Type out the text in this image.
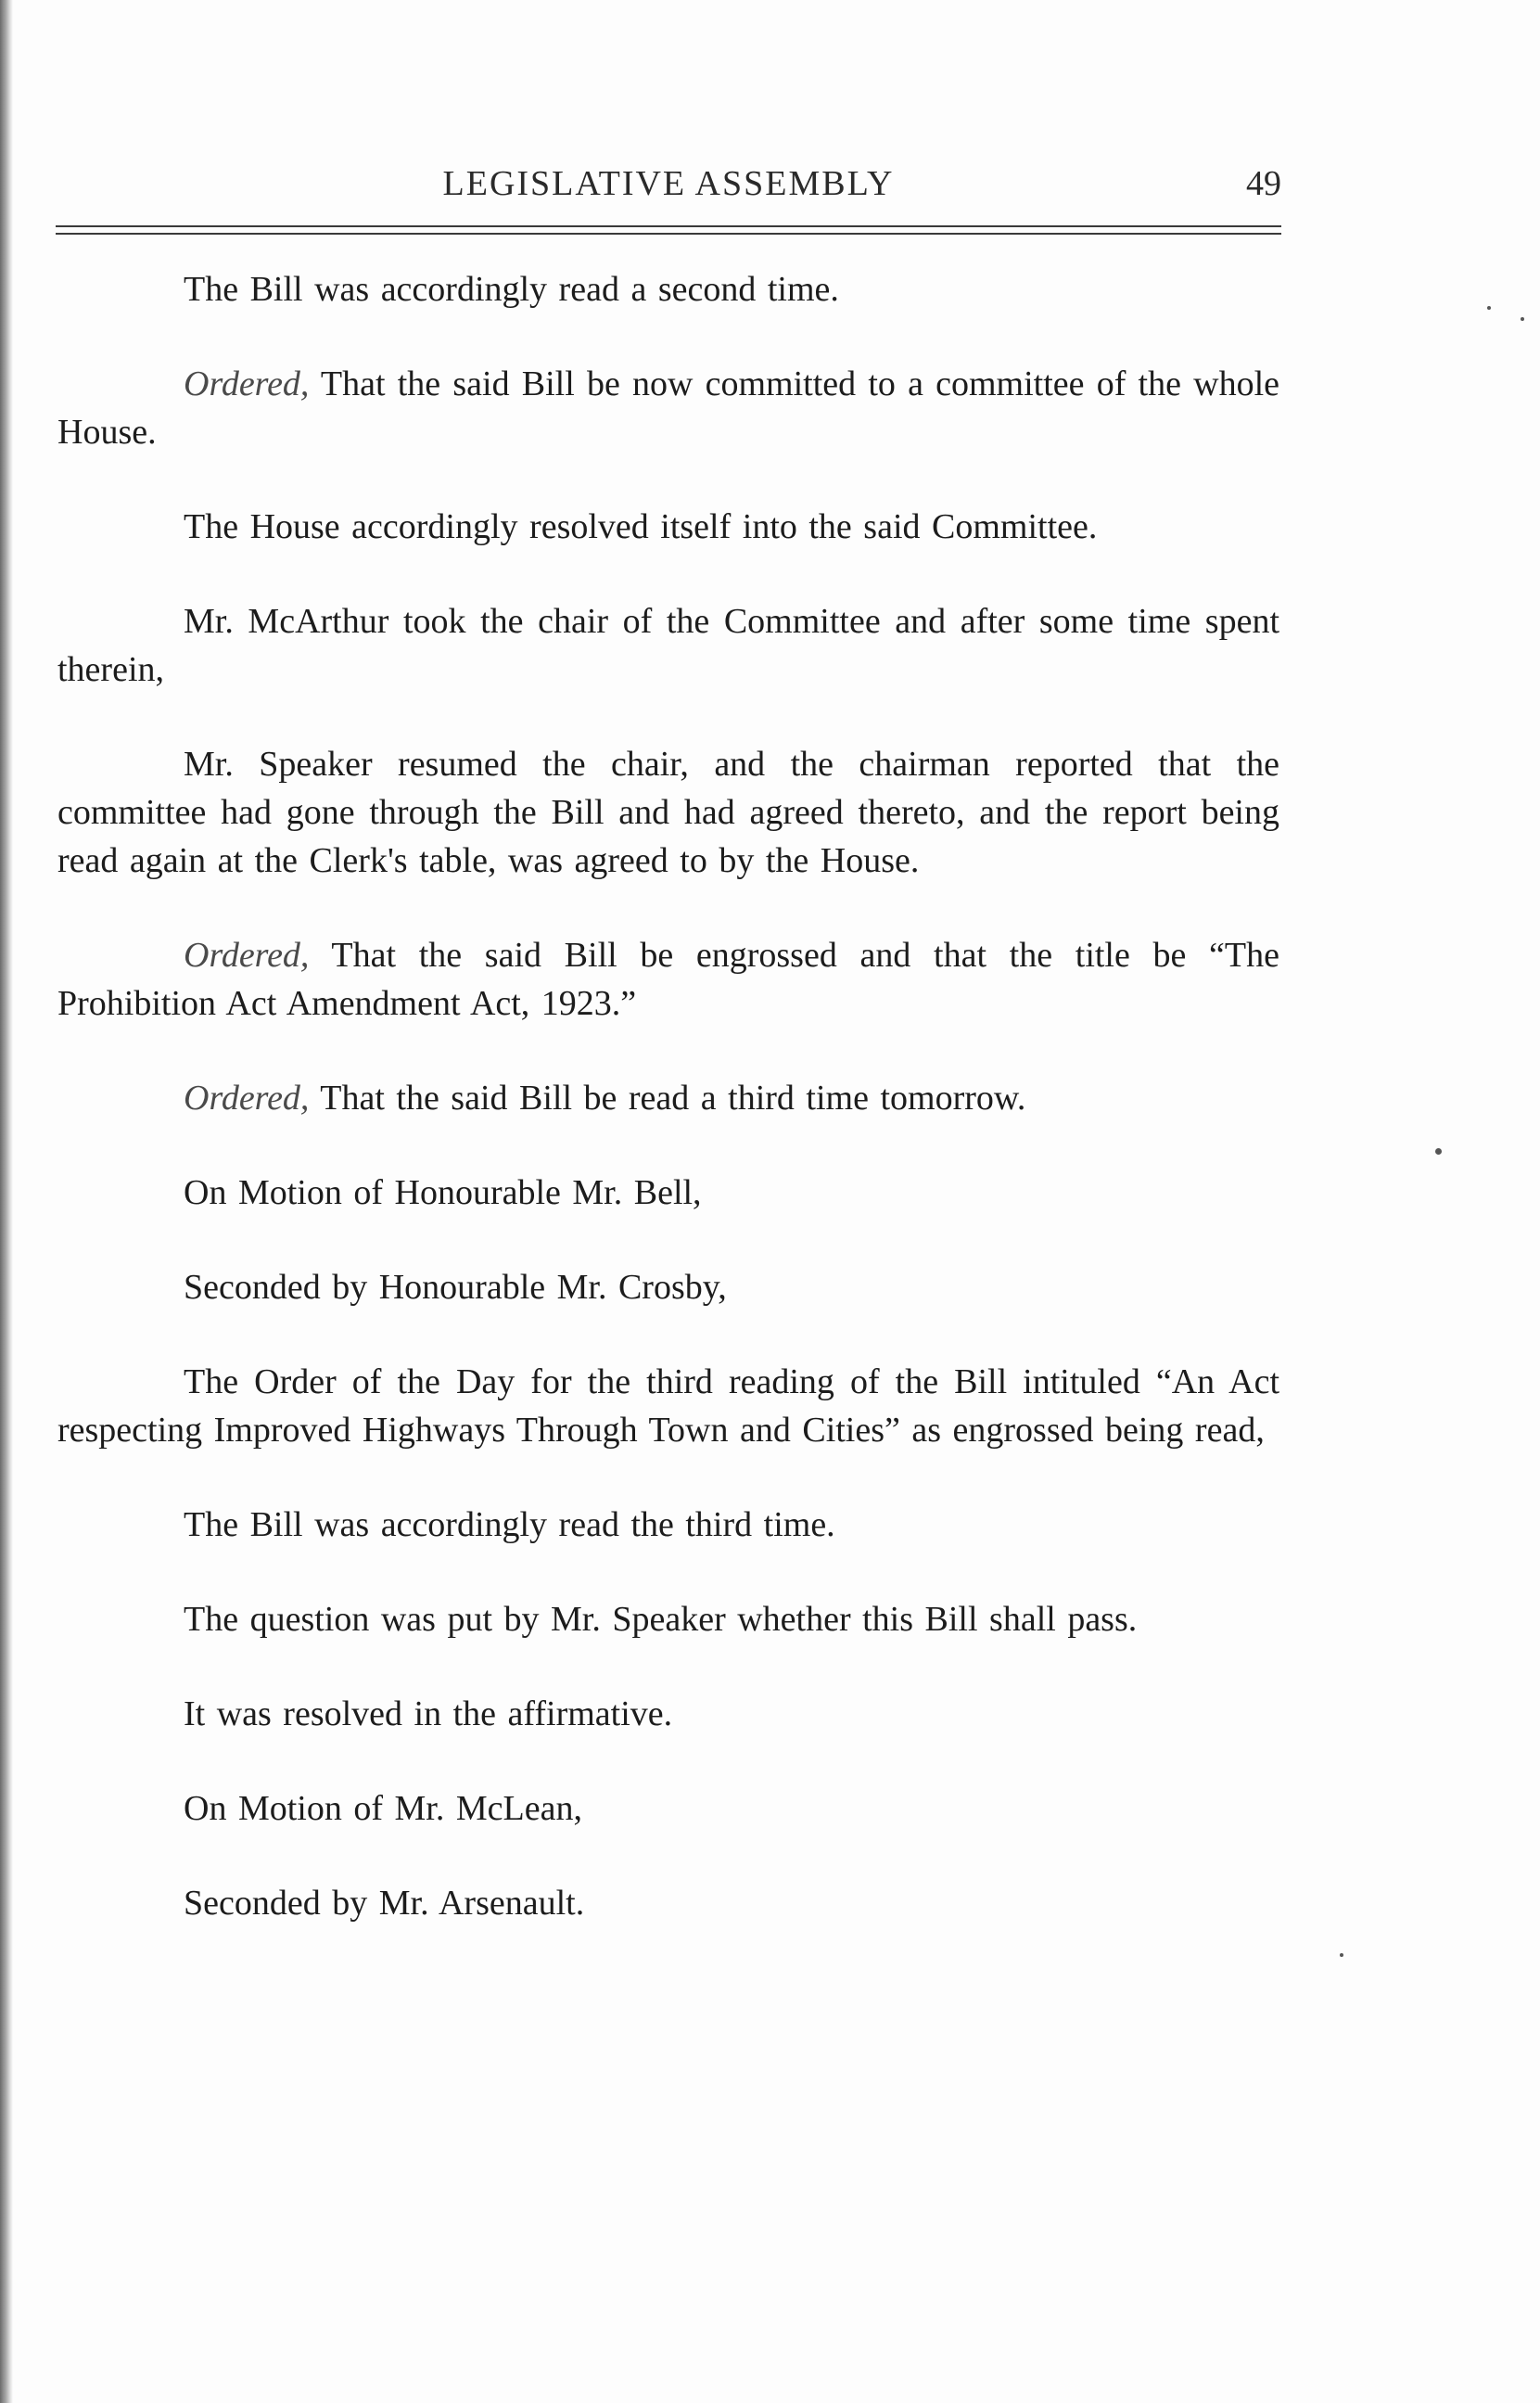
LEGISLATIVE ASSEMBLY	49

The Bill was accordingly read a second time.

Ordered, That the said Bill be now committed to a committee of the whole House.

The House accordingly resolved itself into the said Committee.

Mr. McArthur took the chair of the Committee and after some time spent therein,

Mr. Speaker resumed the chair, and the chairman reported that the committee had gone through the Bill and had agreed thereto, and the report being read again at the Clerk's table, was agreed to by the House.

Ordered, That the said Bill be engrossed and that the title be “The Prohibition Act Amendment Act, 1923.”

Ordered, That the said Bill be read a third time tomorrow.

On Motion of Honourable Mr. Bell,

Seconded by Honourable Mr. Crosby,

The Order of the Day for the third reading of the Bill intituled “An Act respecting Improved Highways Through Town and Cities” as engrossed being read,

The Bill was accordingly read the third time.

The question was put by Mr. Speaker whether this Bill shall pass.

It was resolved in the affirmative.

On Motion of Mr. McLean,

Seconded by Mr. Arsenault.
